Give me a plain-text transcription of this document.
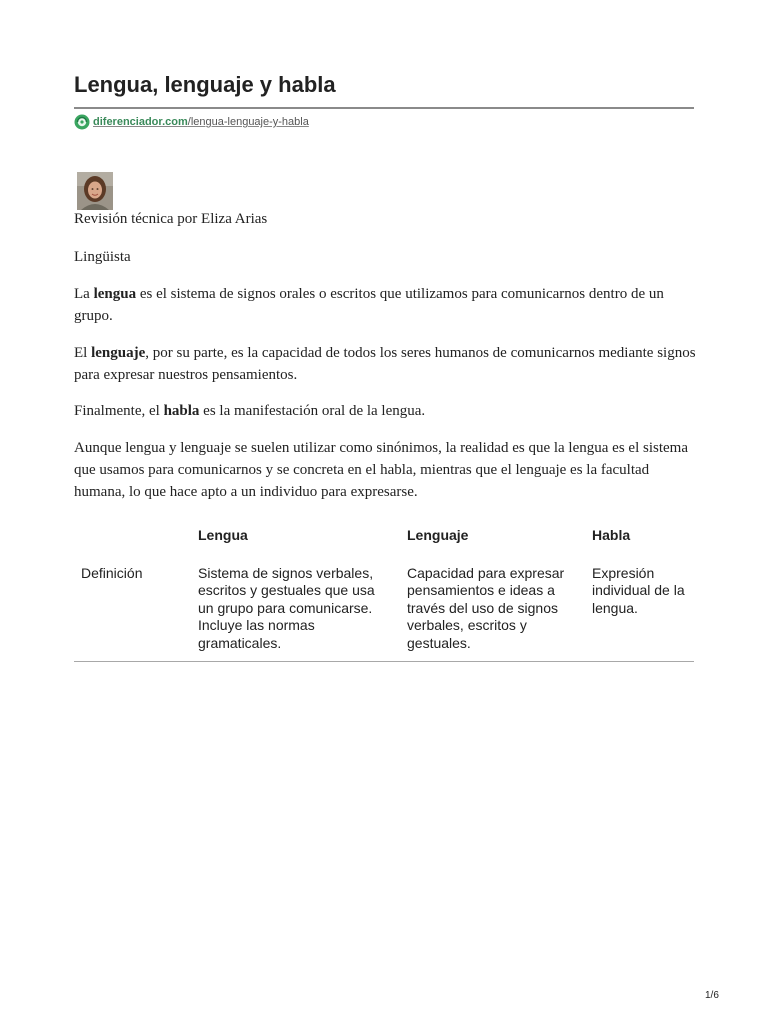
Lengua, lenguaje y habla
diferenciador.com/lengua-lenguaje-y-habla

Revisión técnica por Eliza Arias

Lingüista

La lengua es el sistema de signos orales o escritos que utilizamos para comunicarnos dentro de un grupo.

El lenguaje, por su parte, es la capacidad de todos los seres humanos de comunicarnos mediante signos para expresar nuestros pensamientos.

Finalmente, el habla es la manifestación oral de la lengua.

Aunque lengua y lenguaje se suelen utilizar como sinónimos, la realidad es que la lengua es el sistema que usamos para comunicarnos y se concreta en el habla, mientras que el lenguaje es la facultad humana, lo que hace apto a un individuo para expresarse.

	Lengua	Lenguaje	Habla
Definición	Sistema de signos verbales, escritos y gestuales que usa un grupo para comunicarse. Incluye las normas gramaticales.	Capacidad para expresar pensamientos e ideas a través del uso de signos verbales, escritos y gestuales.	Expresión individual de la lengua.
1/6
